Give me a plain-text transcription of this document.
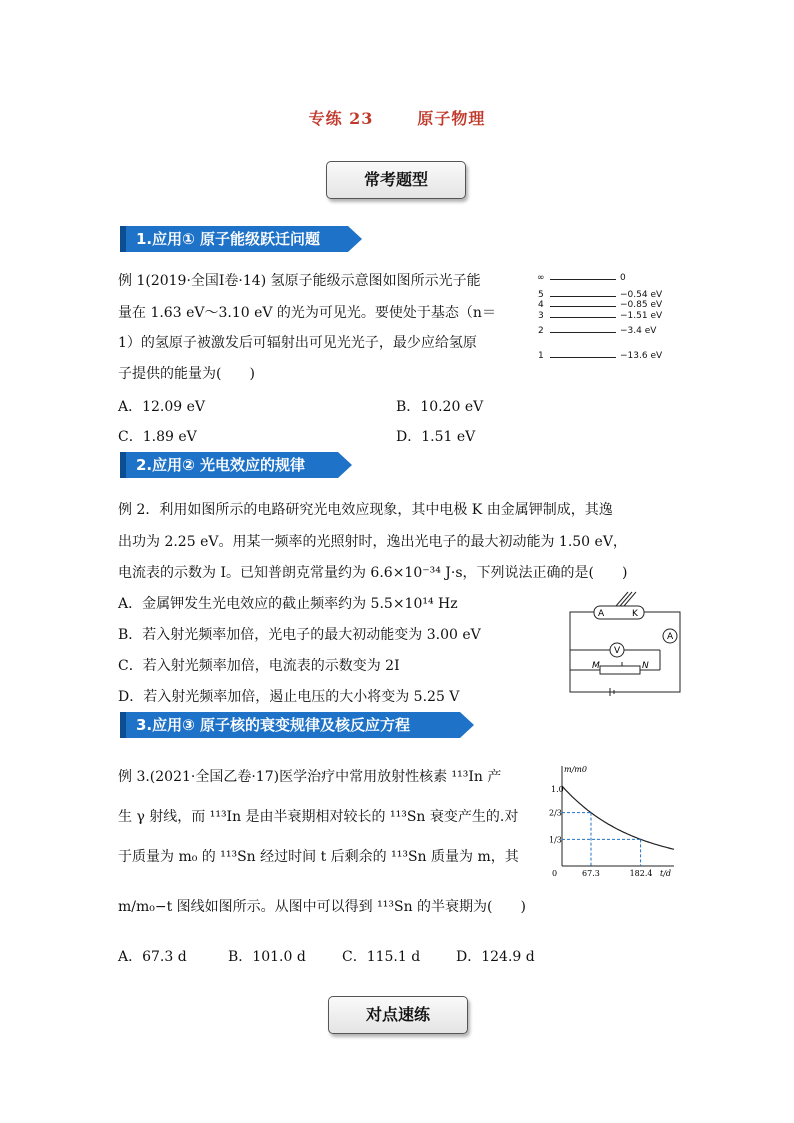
专练 23	原子物理
常考题型
1.应用① 原子能级跃迁问题
例 1(2019·全国Ⅰ卷·14) 氢原子能级示意图如图所示光子能
量在 1.63 eV～3.10 eV 的光为可见光。要使处于基态（n＝
1）的氢原子被激发后可辐射出可见光光子，最少应给氢原
子提供的能量为(　　)
∞	0
5	−0.54 eV
4	−0.85 eV
3	−1.51 eV
2	−3.4 eV
1	−13.6 eV
A．12.09 eV	B．10.20 eV
C．1.89 eV	D．1.51 eV
2.应用② 光电效应的规律
例 2．利用如图所示的电路研究光电效应现象，其中电极 K 由金属钾制成，其逸
出功为 2.25 eV。用某一频率的光照射时，逸出光电子的最大初动能为 1.50 eV，
电流表的示数为 I。已知普朗克常量约为 6.6×10⁻³⁴ J·s，下列说法正确的是(　　)
A．金属钾发生光电效应的截止频率约为 5.5×10¹⁴ Hz
B．若入射光频率加倍，光电子的最大初动能变为 3.00 eV
C．若入射光频率加倍，电流表的示数变为 2I
D．若入射光频率加倍，遏止电压的大小将变为 5.25 V
A	K
A
V
M	N
3.应用③ 原子核的衰变规律及核反应方程
例 3.(2021·全国乙卷·17)医学治疗中常用放射性核素 ¹¹³In 产
生 γ 射线，而 ¹¹³In 是由半衰期相对较长的 ¹¹³Sn 衰变产生的.对
于质量为 m₀ 的 ¹¹³Sn 经过时间 t 后剩余的 ¹¹³Sn 质量为 m，其
m/m₀−t 图线如图所示。从图中可以得到 ¹¹³Sn 的半衰期为(　　)
1.0
2/3
1/3
0	67.3	182.4 t/d
m/m0
A．67.3 d	B．101.0 d	C．115.1 d	D．124.9 d
对点速练
